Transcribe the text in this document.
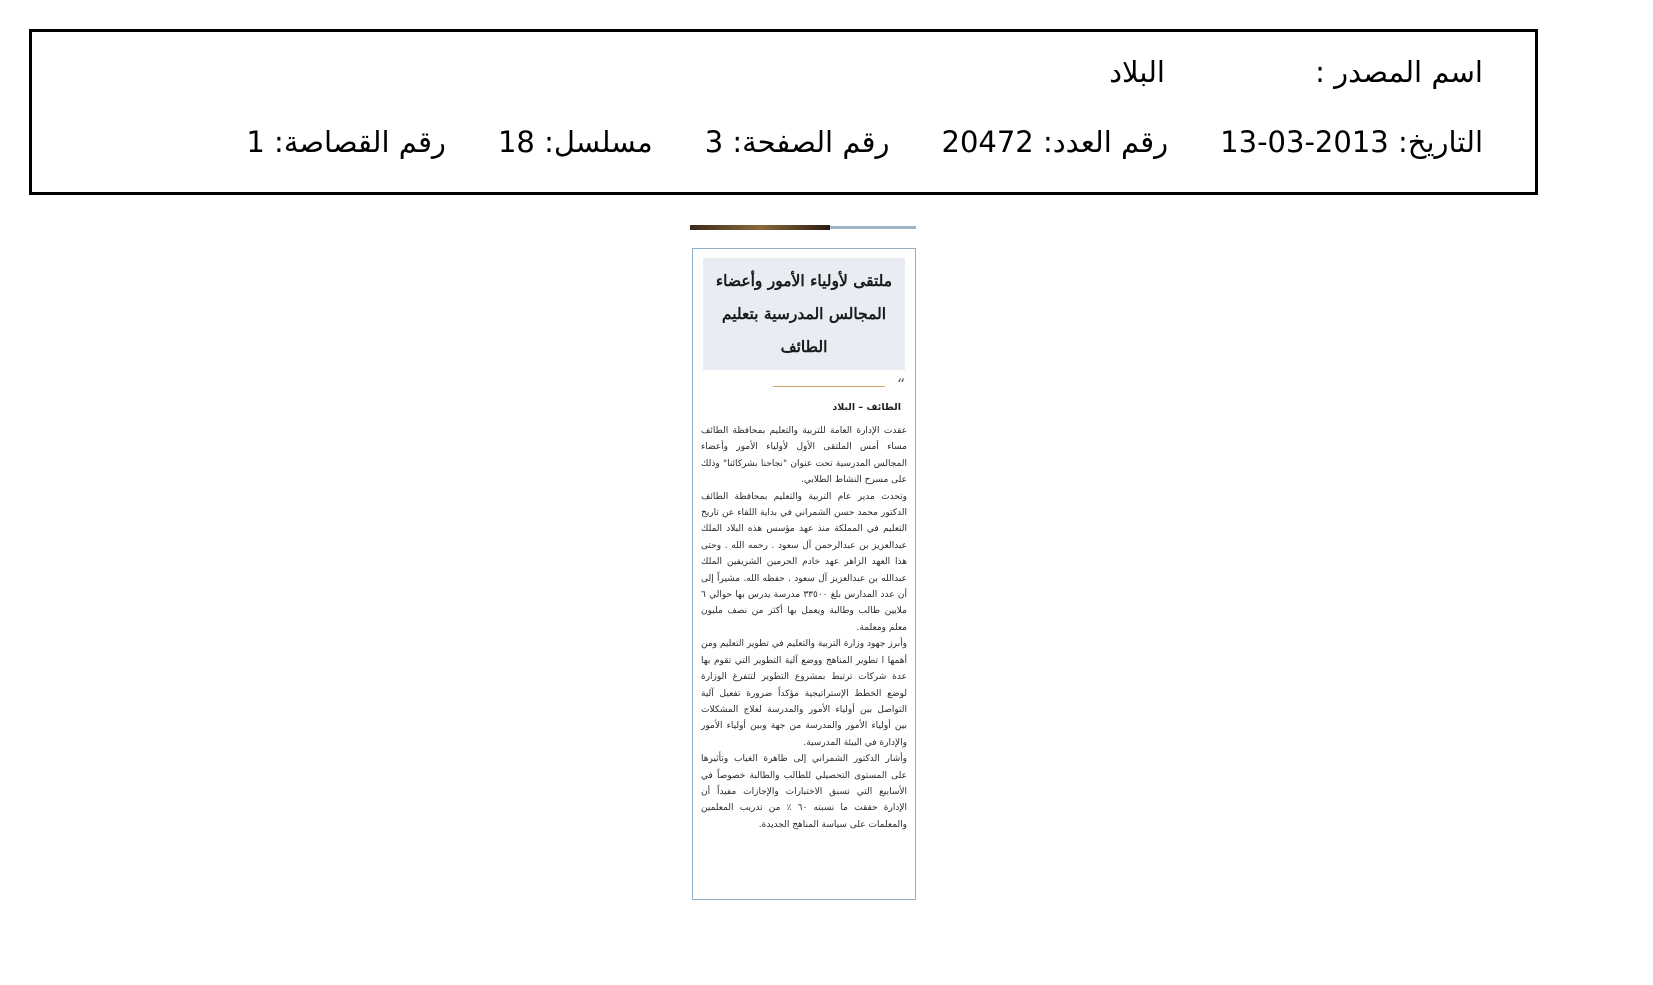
اسم المصدر :
البلاد
التاريخ: 2013-03-13
رقم العدد: 20472
رقم الصفحة: 3
مسلسل: 18
رقم القصاصة: 1
ملتقى لأولياء الأمور وأعضاء المجالس المدرسية بتعليم الطائف
“
الطائف – البلاد

عقدت الإدارة العامة للتربية والتعليم بمحافظة الطائف مساء أمس الملتقى الأول لأولياء الأمور وأعضاء المجالس المدرسية تحت عنوان "نجاحنا بشركائنا" وذلك على مسرح النشاط الطلابي.

وتحدث مدير عام التربية والتعليم بمحافظة الطائف الدكتور محمد حسن الشمراني في بداية اللقاء عن تاريخ التعليم في المملكة منذ عهد مؤسس هذه البلاد الملك عبدالعزيز بن عبدالرحمن آل سعود . رحمه الله . وحتى هذا العهد الزاهر عهد خادم الحرمين الشريفين الملك عبدالله بن عبدالعزيز آل سعود . حفظه الله. مشيراً إلى أن عدد المدارس بلغ ٣٣٥٠٠ مدرسة يدرس بها حوالي ٦ ملايين طالب وطالبة ويعمل بها أكثر من نصف مليون معلم ومعلمة.

وأبرز جهود وزارة التربية والتعليم في تطوير التعليم ومن أهمها ا تطوير المناهج ووضع آلية التطوير التي تقوم بها عدة شركات ترتبط بمشروع التطوير لتتفرغ الوزارة لوضع الخطط الإستراتيجية مؤكداً ضرورة تفعيل آلية التواصل بين أولياء الأمور والمدرسة لعلاج المشكلات بين أولياء الأمور والمدرسة من جهة وبين أولياء الأمور والإدارة في البيئة المدرسية.

وأشار الدكتور الشمراني إلى ظاهرة الغياب وتأثيرها على المستوى التحصيلي للطالب والطالبة خصوصاً في الأسابيع التي تسبق الاختبارات والإجازات مفيداً أن الإدارة حققت ما نسبته ٦٠ ٪ من تدريب المعلمين والمعلمات على سياسة المناهج الجديدة.
